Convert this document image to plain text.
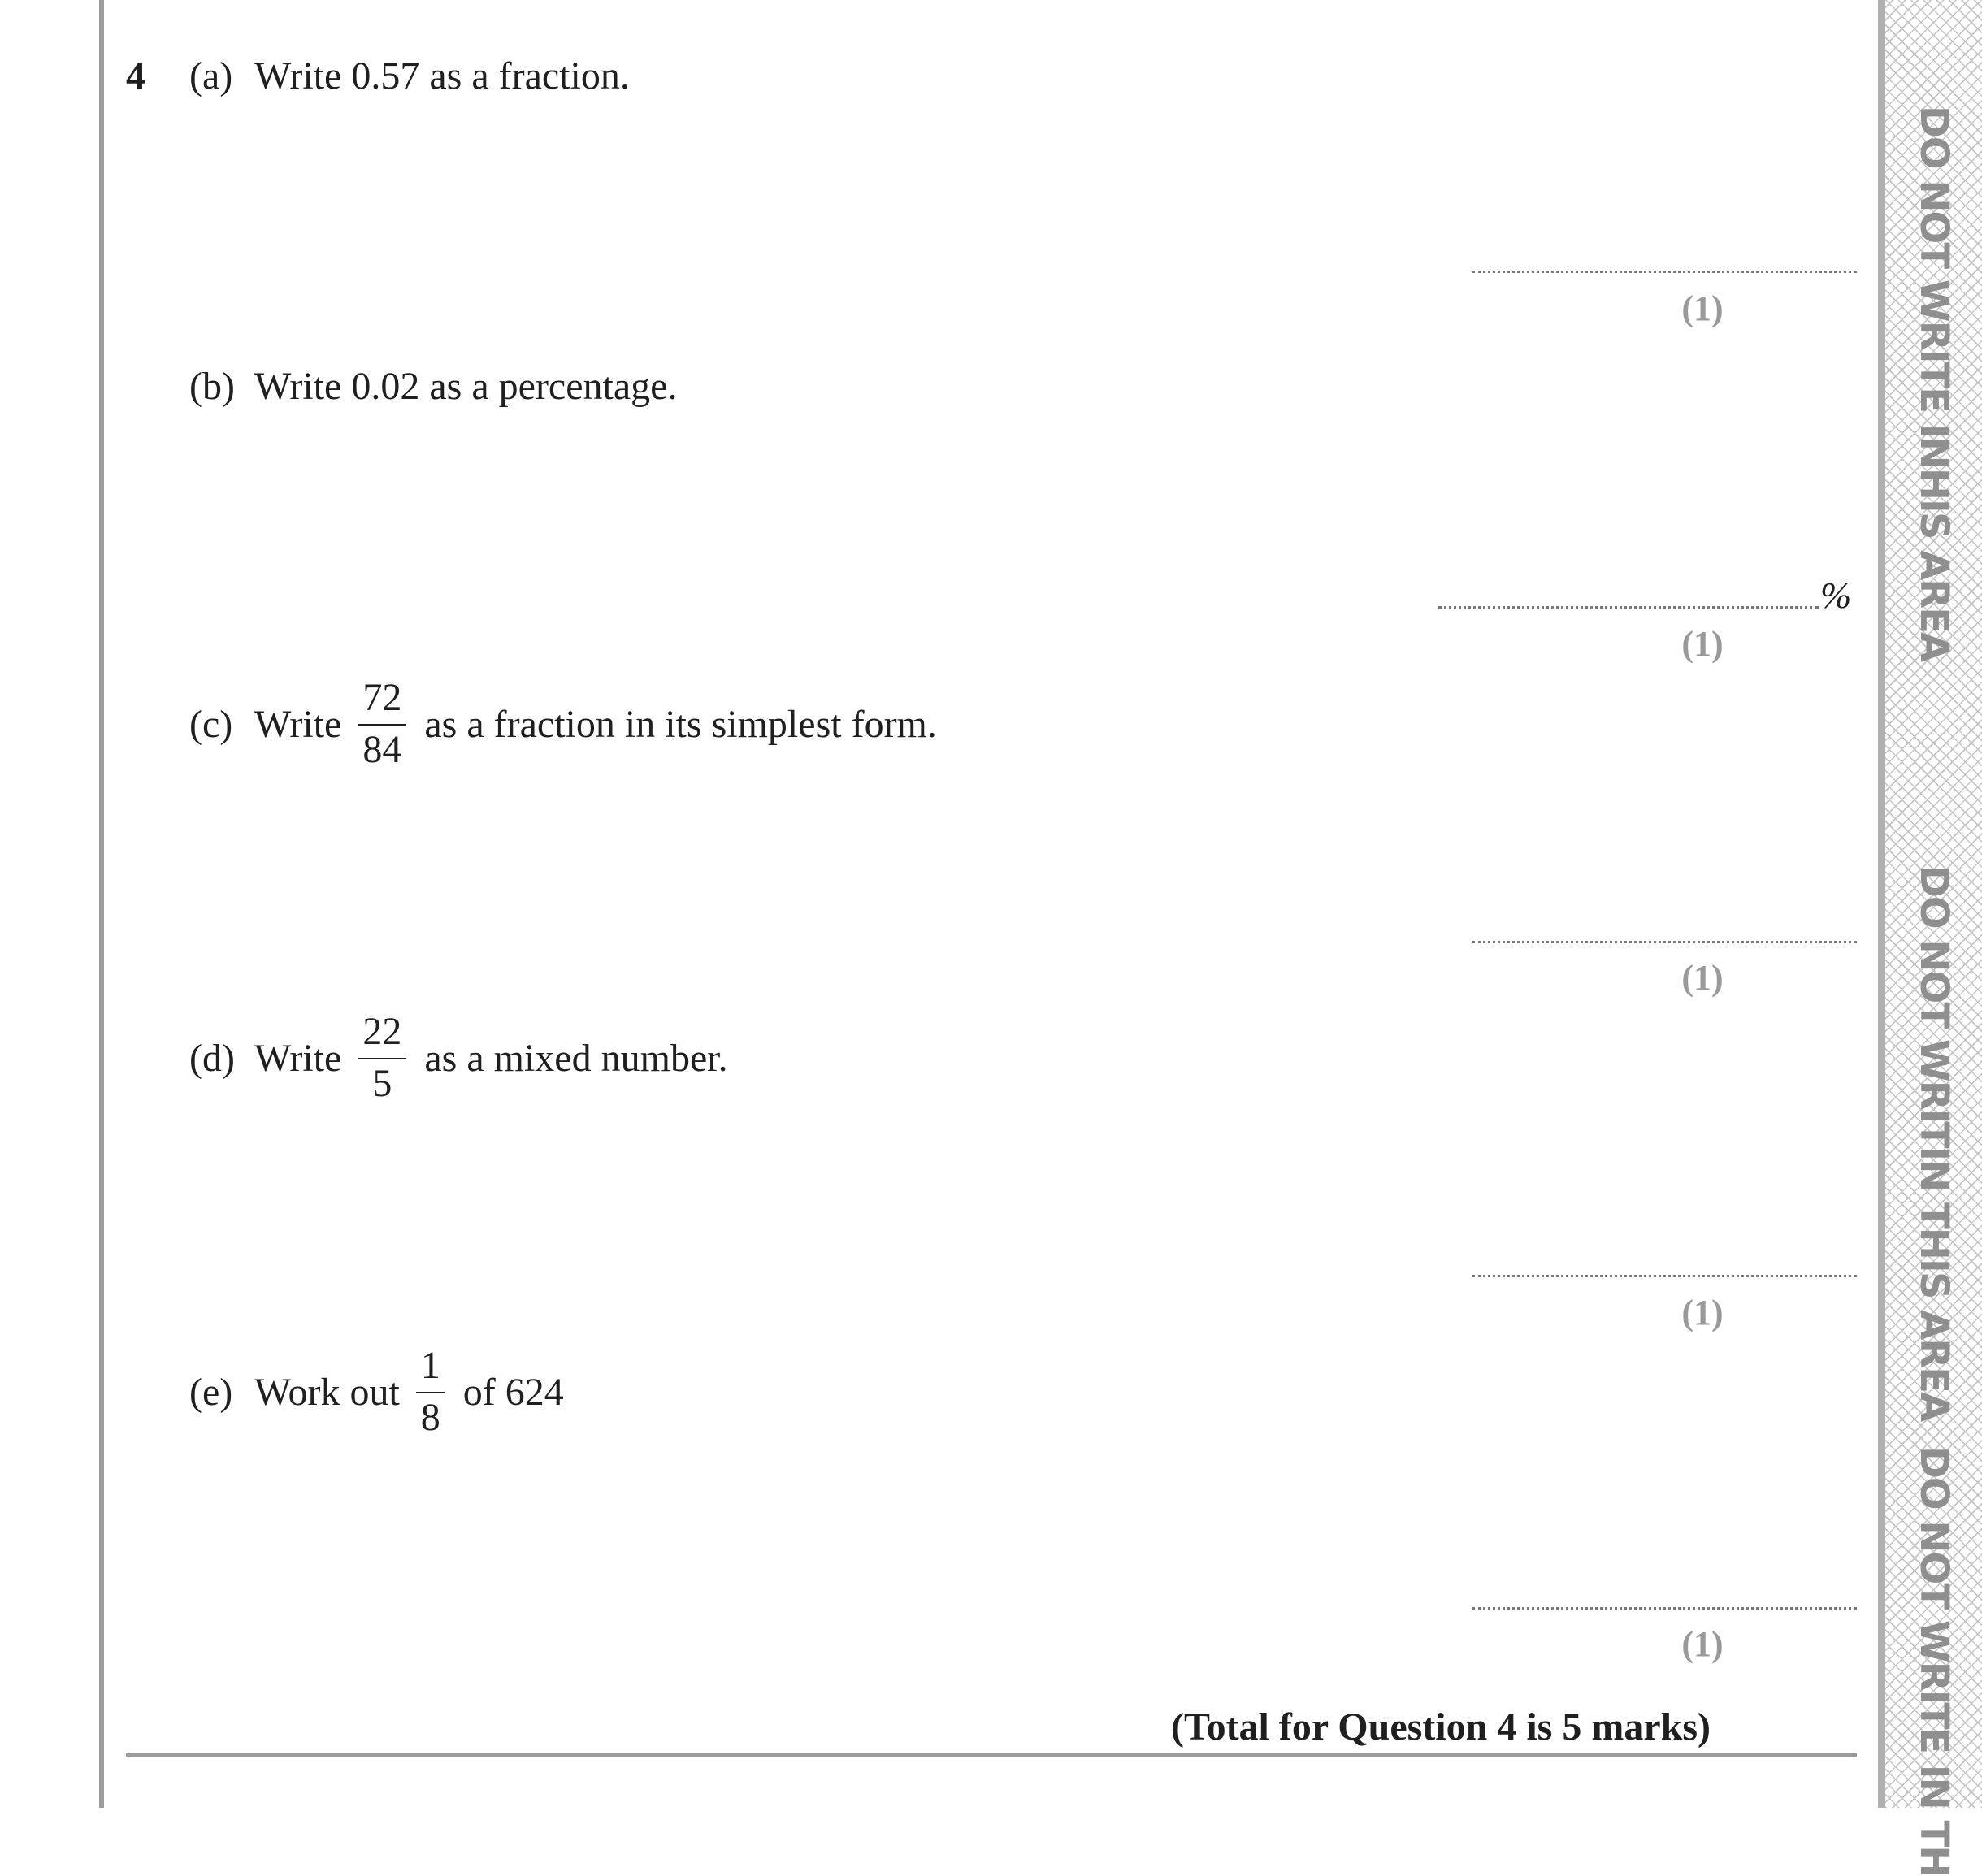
DO NOT WRITE INHIS AREA
DO NOT WRITIN THIS AREA
DO NOT WRITE IN TH
4 (a) Write 0.57 as a fraction.
(1)
(b) Write 0.02 as a percentage.
%
(1)
(c) Write $\frac{72}{84}$ as a fraction in its simplest form.
(1)
(d) Write $\frac{22}{5}$ as a mixed number.
(1)
(e) Work out $\frac{1}{8}$ of 624
(1)
(Total for Question 4 is 5 marks)
